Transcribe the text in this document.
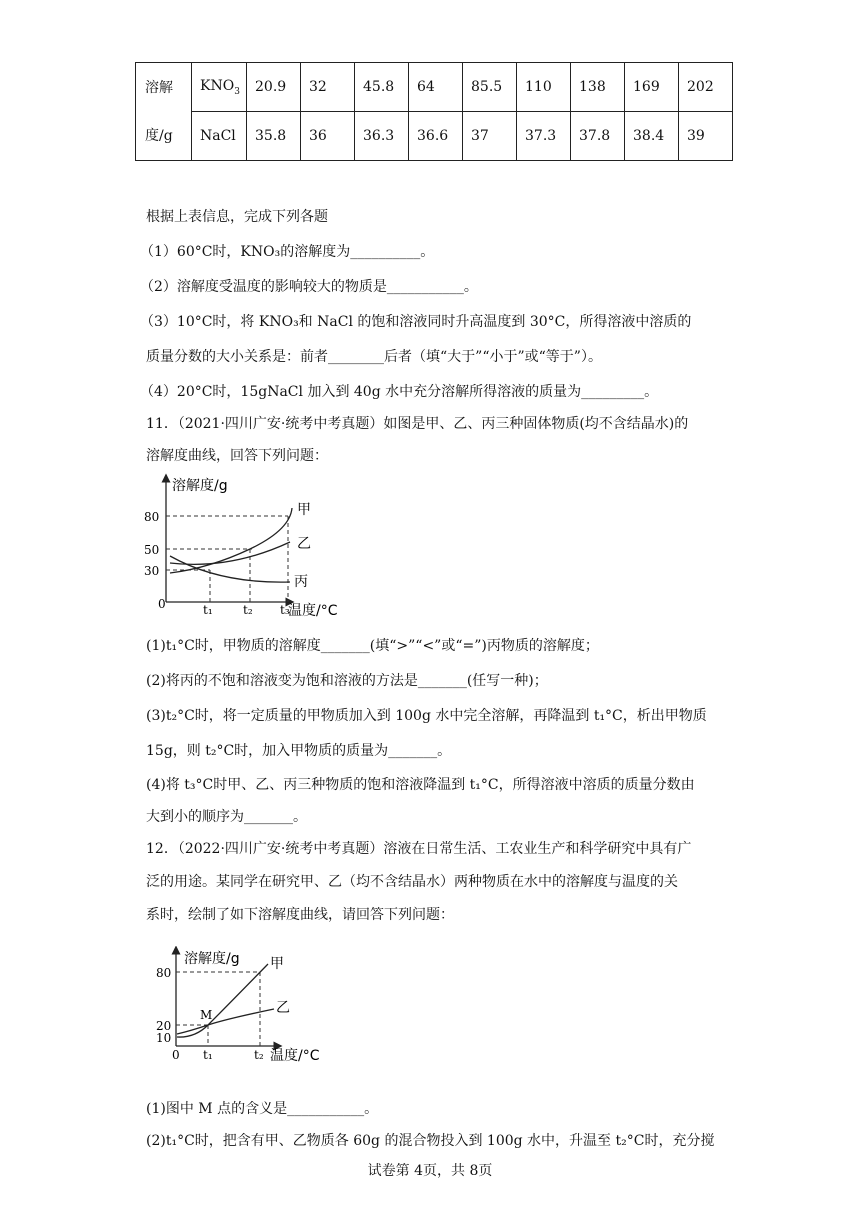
溶解
度/g	$KNO_3$	20.9	32	45.8	64	85.5	110	138	169	202
	NaCl	35.8	36	36.3	36.6	37	37.3	37.8	38.4	39
根据上表信息，完成下列各题
（1）60°C时，KNO₃的溶解度为__________。
（2）溶解度受温度的影响较大的物质是___________。
（3）10°C时，将 KNO₃和 NaCl 的饱和溶液同时升高温度到 30°C，所得溶液中溶质的
质量分数的大小关系是：前者________后者（填“大于”“小于”或“等于”）。
（4）20°C时，15gNaCl 加入到 40g 水中充分溶解所得溶液的质量为_________。
11．（2021·四川广安·统考中考真题）如图是甲、乙、丙三种固体物质(均不含结晶水)的
溶解度曲线，回答下列问题：
溶解度/g
80
50
30
0	t₁	t₂ t₃
温度/°C
甲
乙
丙
(1)t₁°C时，甲物质的溶解度_______(填“>”“<”或“=”)丙物质的溶解度；
(2)将丙的不饱和溶液变为饱和溶液的方法是_______(任写一种)；
(3)t₂°C时，将一定质量的甲物质加入到 100g 水中完全溶解，再降温到 t₁°C，析出甲物质
15g，则 t₂°C时，加入甲物质的质量为_______。
(4)将 t₃°C时甲、乙、丙三种物质的饱和溶液降温到 t₁°C，所得溶液中溶质的质量分数由
大到小的顺序为_______。
12．（2022·四川广安·统考中考真题）溶液在日常生活、工农业生产和科学研究中具有广
泛的用途。某同学在研究甲、乙（均不含结晶水）两种物质在水中的溶解度与温度的关
系时，绘制了如下溶解度曲线，请回答下列问题：
溶解度/g
80
20
10
0 t₁	t₂ 温度/°C
M
甲
乙
(1)图中 M 点的含义是___________。
(2)t₁°C时，把含有甲、乙物质各 60g 的混合物投入到 100g 水中，升温至 t₂°C时，充分搅
试卷第 4页，共 8页
